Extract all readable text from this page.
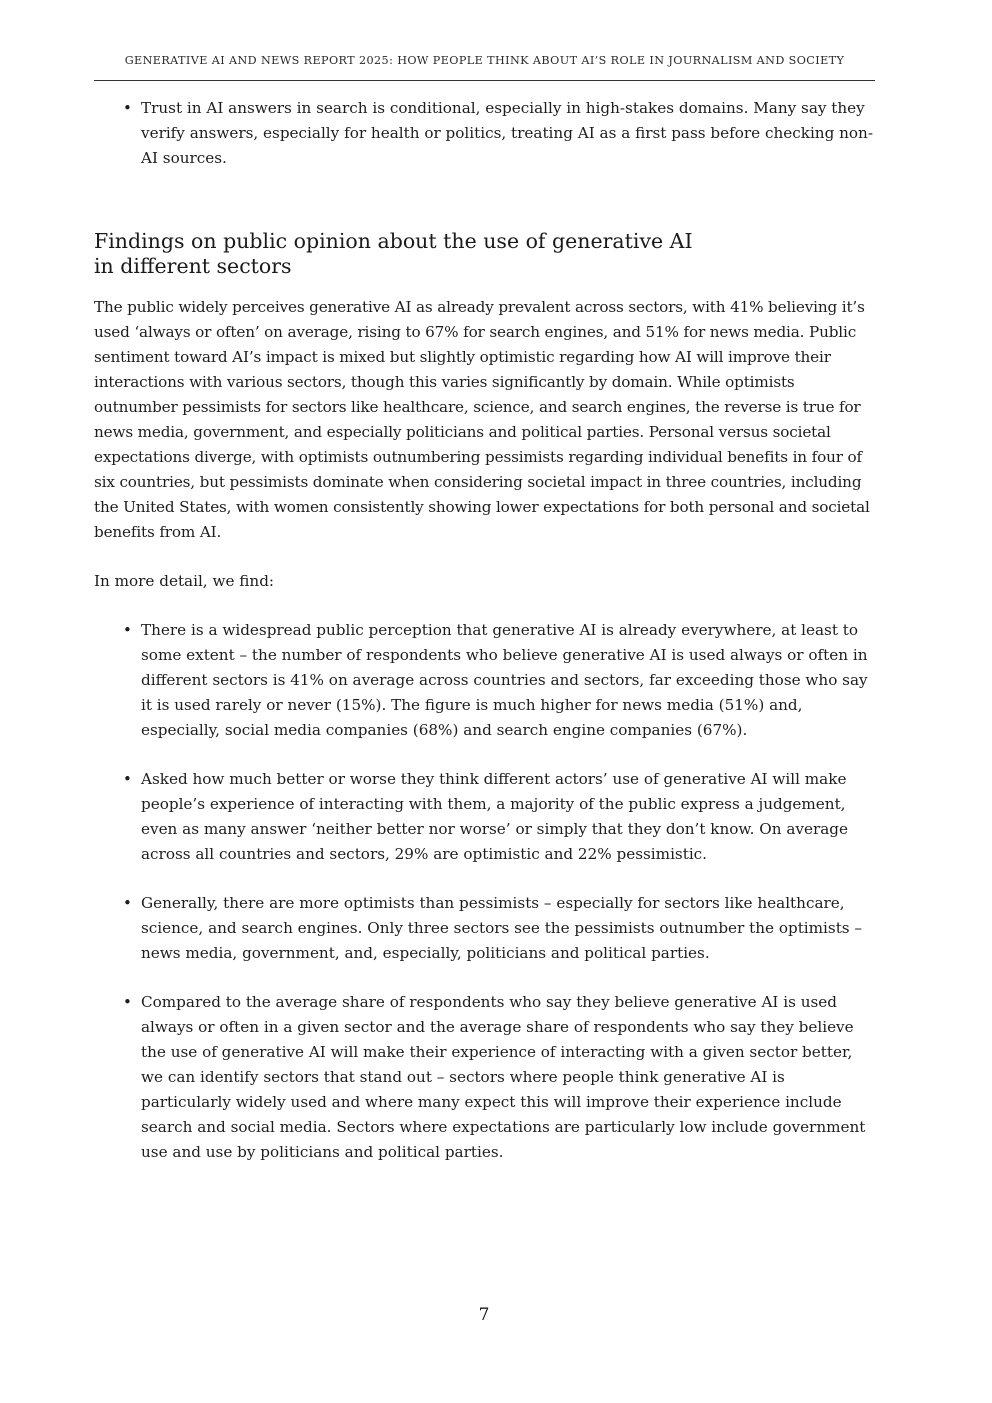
GENERATIVE AI AND NEWS REPORT 2025: HOW PEOPLE THINK ABOUT AI’S ROLE IN JOURNALISM AND SOCIETY
• Trust in AI answers in search is conditional, especially in high-stakes domains. Many say they verify answers, especially for health or politics, treating AI as a first pass before checking non-AI sources.
Findings on public opinion about the use of generative AI in different sectors

The public widely perceives generative AI as already prevalent across sectors, with 41% believing it’s used ‘always or often’ on average, rising to 67% for search engines, and 51% for news media. Public sentiment toward AI’s impact is mixed but slightly optimistic regarding how AI will improve their interactions with various sectors, though this varies significantly by domain. While optimists outnumber pessimists for sectors like healthcare, science, and search engines, the reverse is true for news media, government, and especially politicians and political parties. Personal versus societal expectations diverge, with optimists outnumbering pessimists regarding individual benefits in four of six countries, but pessimists dominate when considering societal impact in three countries, including the United States, with women consistently showing lower expectations for both personal and societal benefits from AI.

In more detail, we find:

• There is a widespread public perception that generative AI is already everywhere, at least to some extent – the number of respondents who believe generative AI is used always or often in different sectors is 41% on average across countries and sectors, far exceeding those who say it is used rarely or never (15%). The figure is much higher for news media (51%) and, especially, social media companies (68%) and search engine companies (67%).
• Asked how much better or worse they think different actors’ use of generative AI will make people’s experience of interacting with them, a majority of the public express a judgement, even as many answer ‘neither better nor worse’ or simply that they don’t know. On average across all countries and sectors, 29% are optimistic and 22% pessimistic.
• Generally, there are more optimists than pessimists – especially for sectors like healthcare, science, and search engines. Only three sectors see the pessimists outnumber the optimists – news media, government, and, especially, politicians and political parties.
• Compared to the average share of respondents who say they believe generative AI is used always or often in a given sector and the average share of respondents who say they believe the use of generative AI will make their experience of interacting with a given sector better, we can identify sectors that stand out – sectors where people think generative AI is particularly widely used and where many expect this will improve their experience include search and social media. Sectors where expectations are particularly low include government use and use by politicians and political parties.
7
